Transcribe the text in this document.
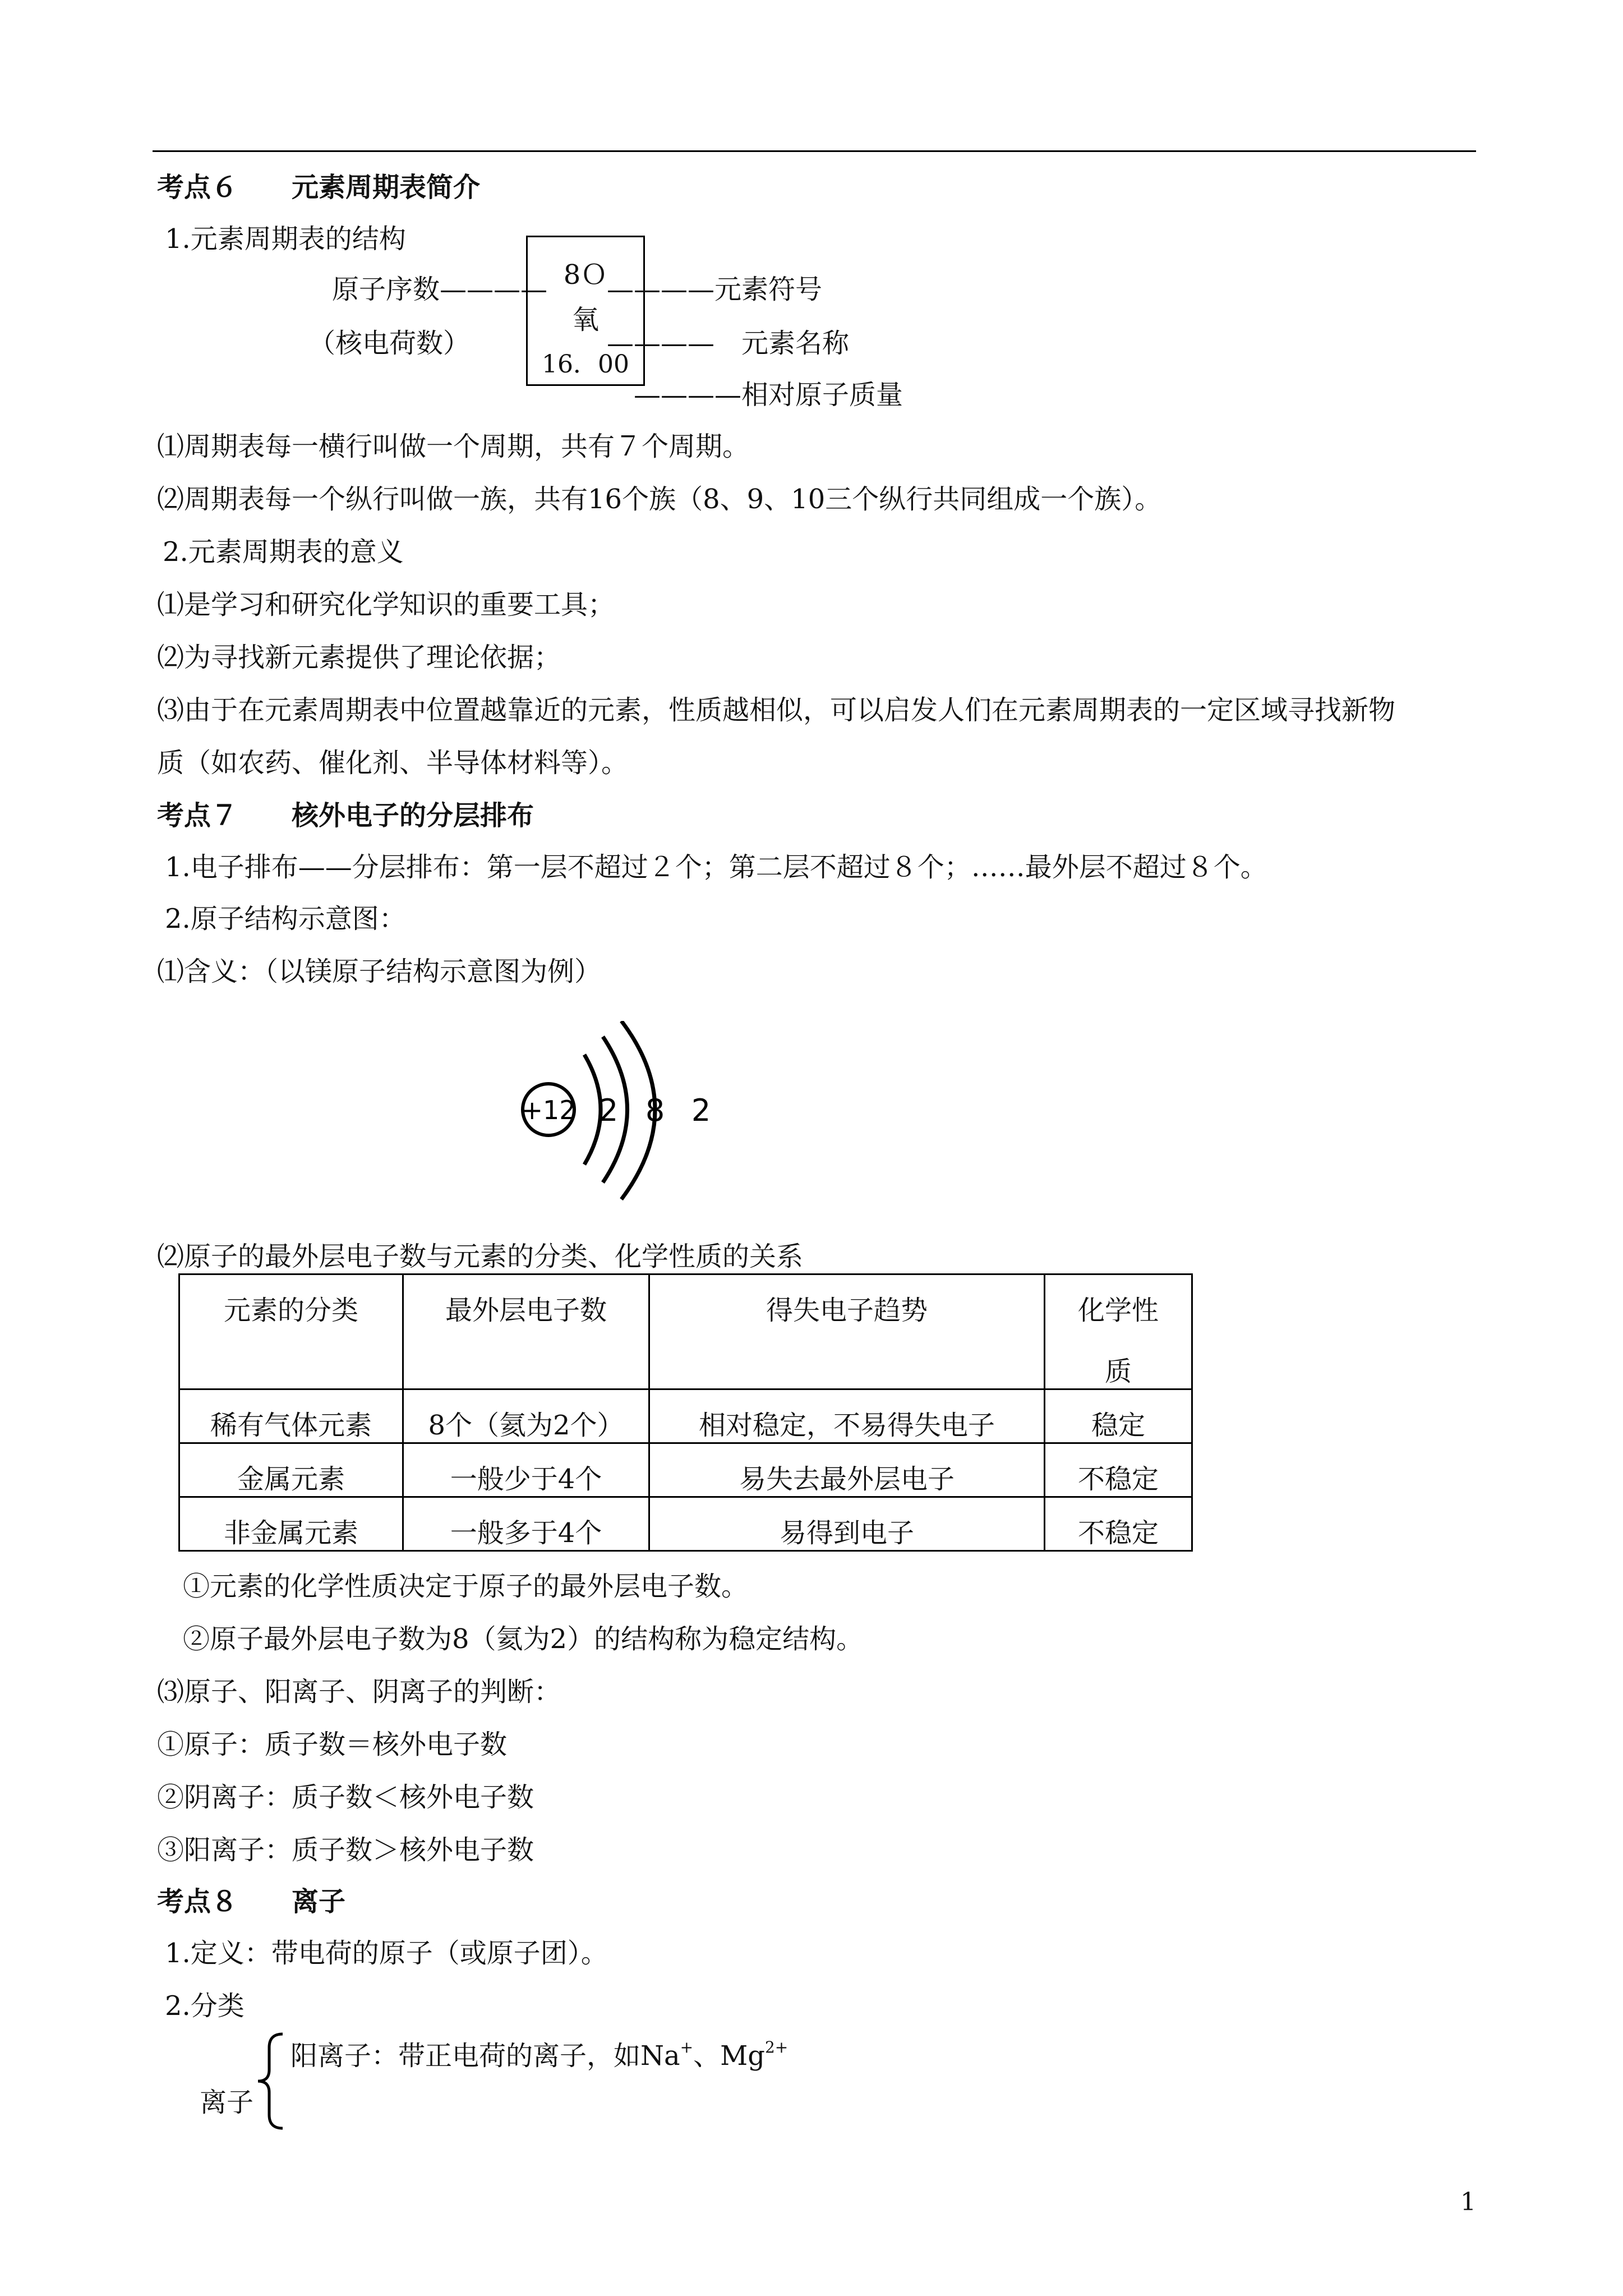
考点６　　元素周期表简介
1.元素周期表的结构
原子序数————
（核电荷数）
8Ｏ
氧
16．00
————元素符号
————　元素名称
————相对原子质量
⑴周期表每一横行叫做一个周期，共有７个周期。
⑵周期表每一个纵行叫做一族，共有16个族（8、9、10三个纵行共同组成一个族）。
2.元素周期表的意义
⑴是学习和研究化学知识的重要工具；
⑵为寻找新元素提供了理论依据；
⑶由于在元素周期表中位置越靠近的元素，性质越相似，可以启发人们在元素周期表的一定区域寻找新物
质（如农药、催化剂、半导体材料等）。
考点７　　核外电子的分层排布
1.电子排布——分层排布：第一层不超过２个；第二层不超过８个；……最外层不超过８个。
2.原子结构示意图：
⑴含义：（以镁原子结构示意图为例）
+12 2 8 2
⑵原子的最外层电子数与元素的分类、化学性质的关系
元素的分类	最外层电子数	得失电子趋势	化学性
质

稀有气体元素	8个（氦为2个）	相对稳定，不易得失电子	稳定

金属元素	一般少于4个	易失去最外层电子	不稳定

非金属元素	一般多于4个	易得到电子	不稳定
①元素的化学性质决定于原子的最外层电子数。
②原子最外层电子数为8（氦为2）的结构称为稳定结构。
⑶原子、阳离子、阴离子的判断：
①原子：质子数＝核外电子数
②阴离子：质子数＜核外电子数
③阳离子：质子数＞核外电子数
考点８　　离子
1.定义：带电荷的原子（或原子团）。
2.分类
离子
阳离子：带正电荷的离子，如Na+、$Mg^{2+}$
1
